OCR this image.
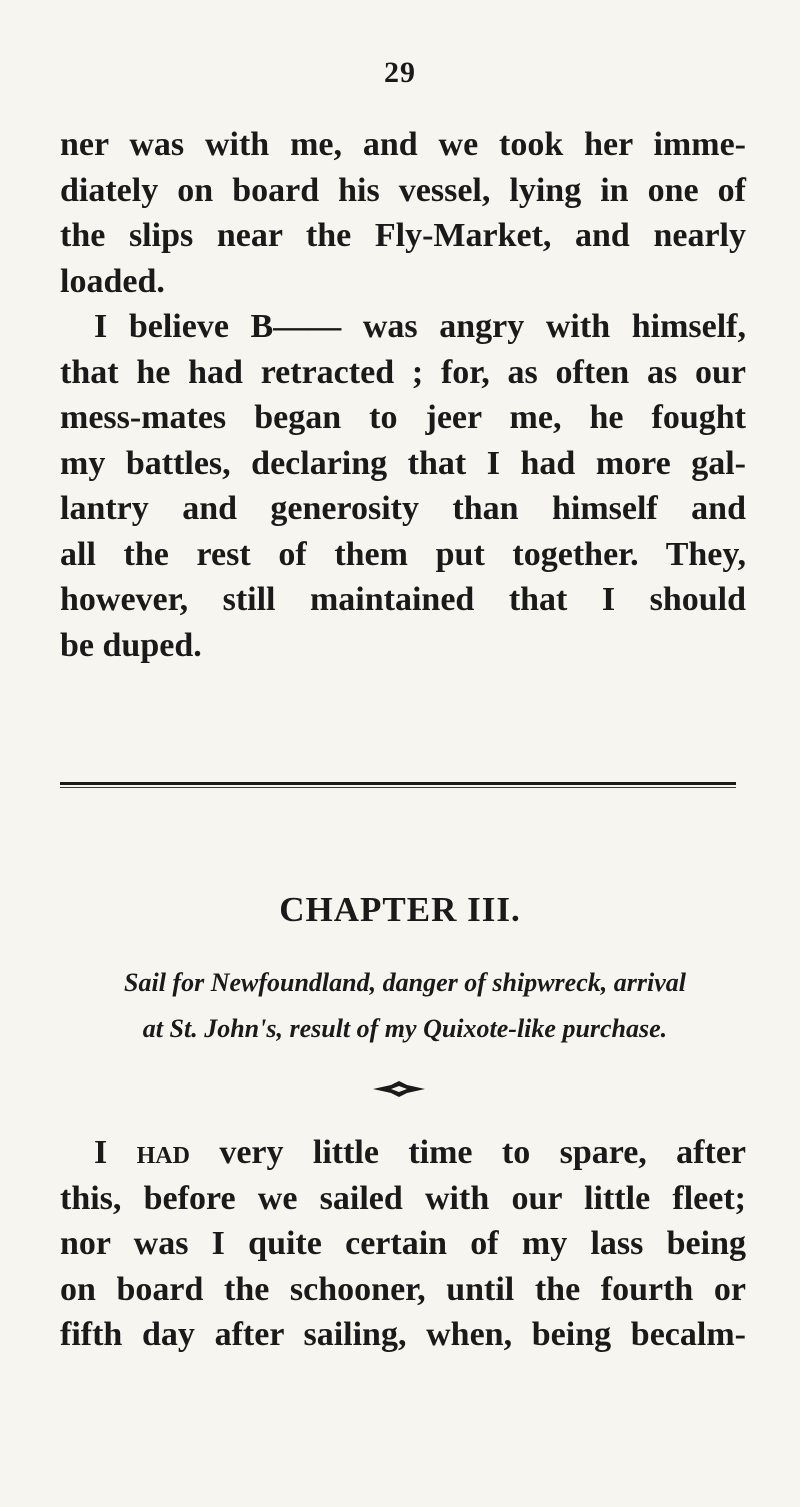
29
ner was with me, and we took her imme-
diately on board his vessel, lying in one of
the slips near the Fly-Market, and nearly
loaded.
I believe B—— was angry with himself,
that he had retracted ; for, as often as our
mess-mates began to jeer me, he fought
my battles, declaring that I had more gal-
lantry and generosity than himself and
all the rest of them put together. They,
however, still maintained that I should
be duped.
CHAPTER III.
Sail for Newfoundland, danger of shipwreck, arrival
at St. John's, result of my Quixote-like purchase.
I had very little time to spare, after
this, before we sailed with our little fleet;
nor was I quite certain of my lass being
on board the schooner, until the fourth or
fifth day after sailing, when, being becalm-
